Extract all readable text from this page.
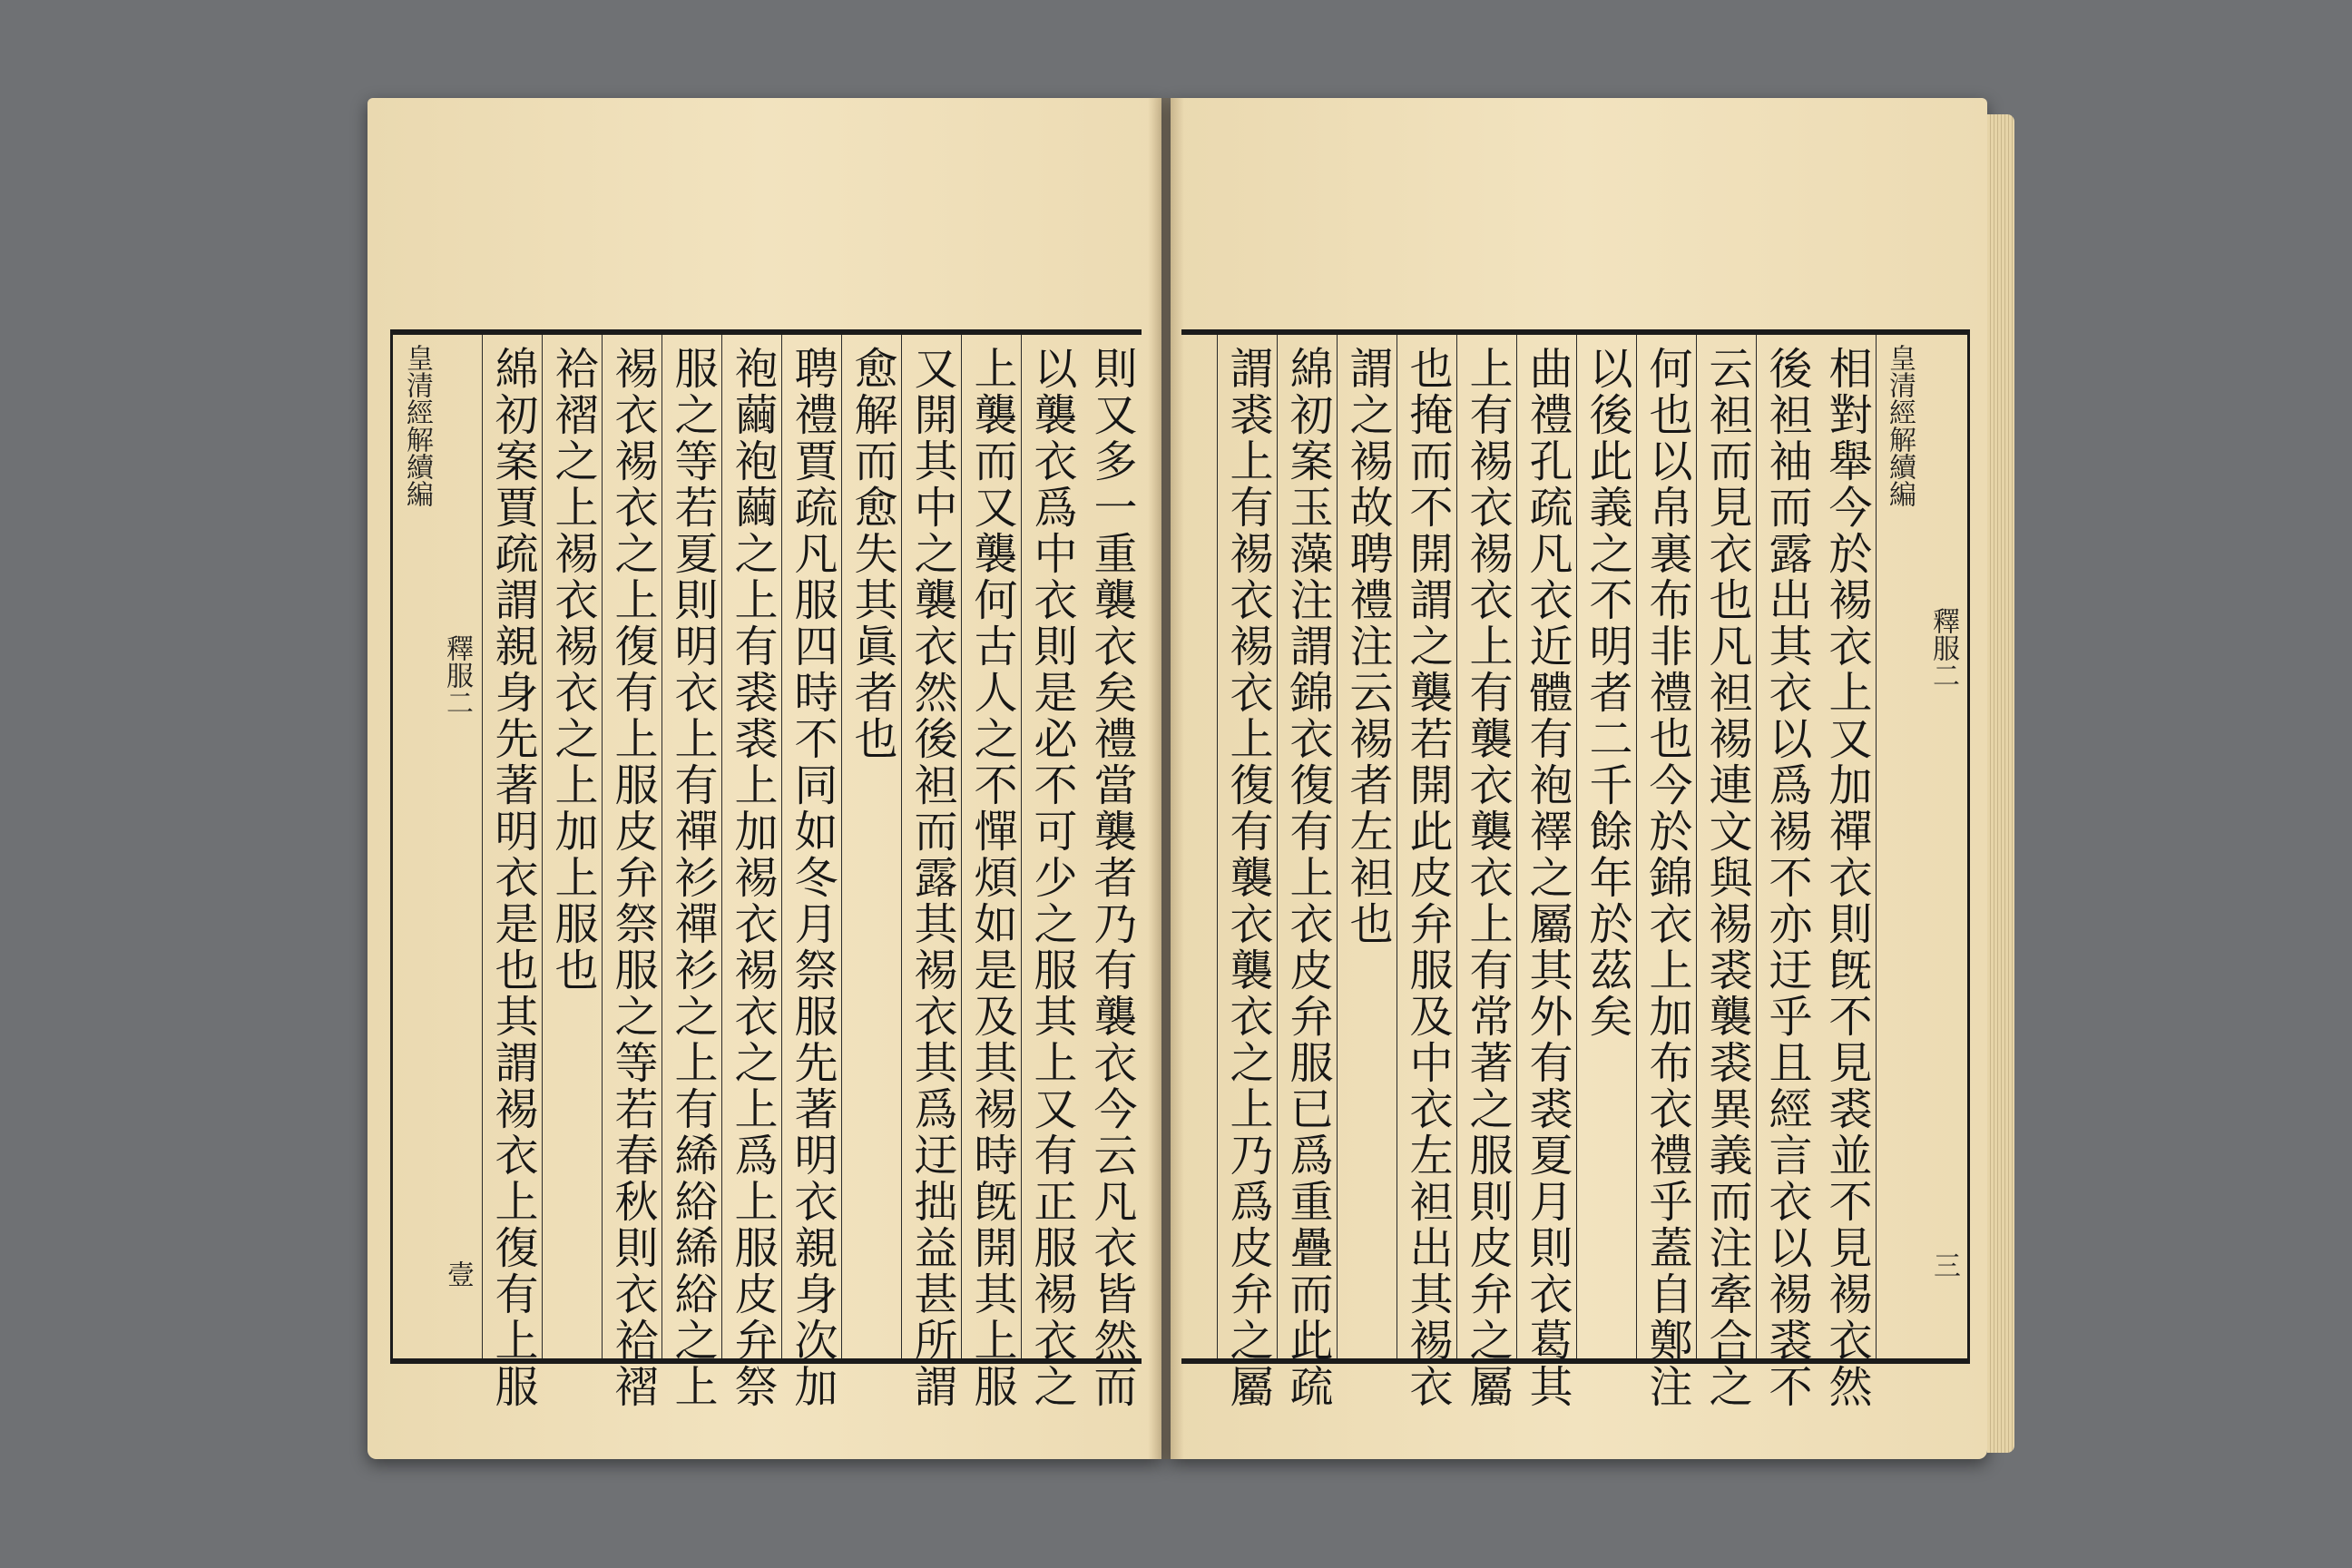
則又多一重襲衣矣禮當襲者乃有襲衣今云凡衣皆然而
以襲衣爲中衣則是必不可少之服其上又有正服裼衣之
上襲而又襲何古人之不憚煩如是及其裼時旣開其上服
又開其中之襲衣然後袒而露其裼衣其爲迂拙益甚所謂
愈解而愈失其眞者也
聘禮賈疏凡服四時不同如冬月祭服先著明衣親身次加
袍繭袍繭之上有裘裘上加裼衣裼衣之上爲上服皮弁祭
服之等若夏則明衣上有禪衫禪衫之上有絺綌絺綌之上
裼衣裼衣之上復有上服皮弁祭服之等若春秋則衣袷褶
袷褶之上裼衣裼衣之上加上服也
綿初案賈疏謂親身先著明衣是也其謂裼衣上復有上服
皇清經解續編
釋服二
壹	相對舉今於裼衣上又加禪衣則旣不見裘並不見裼衣然
後袒袖而露出其衣以爲裼不亦迂乎且經言衣以裼裘不
云袒而見衣也凡袒裼連文與裼裘襲裘異義而注牽合之
何也以帛裏布非禮也今於錦衣上加布衣禮乎蓋自鄭注
以後此義之不明者二千餘年於茲矣
曲禮孔疏凡衣近體有袍襗之屬其外有裘夏月則衣葛其
上有裼衣裼衣上有襲衣襲衣上有常著之服則皮弁之屬
也掩而不開謂之襲若開此皮弁服及中衣左袒出其裼衣
謂之裼故聘禮注云裼者左袒也
綿初案玉藻注謂錦衣復有上衣皮弁服已爲重疊而此疏
謂裘上有裼衣裼衣上復有襲衣襲衣之上乃爲皮弁之屬	皇清經解續編
釋服二
三
